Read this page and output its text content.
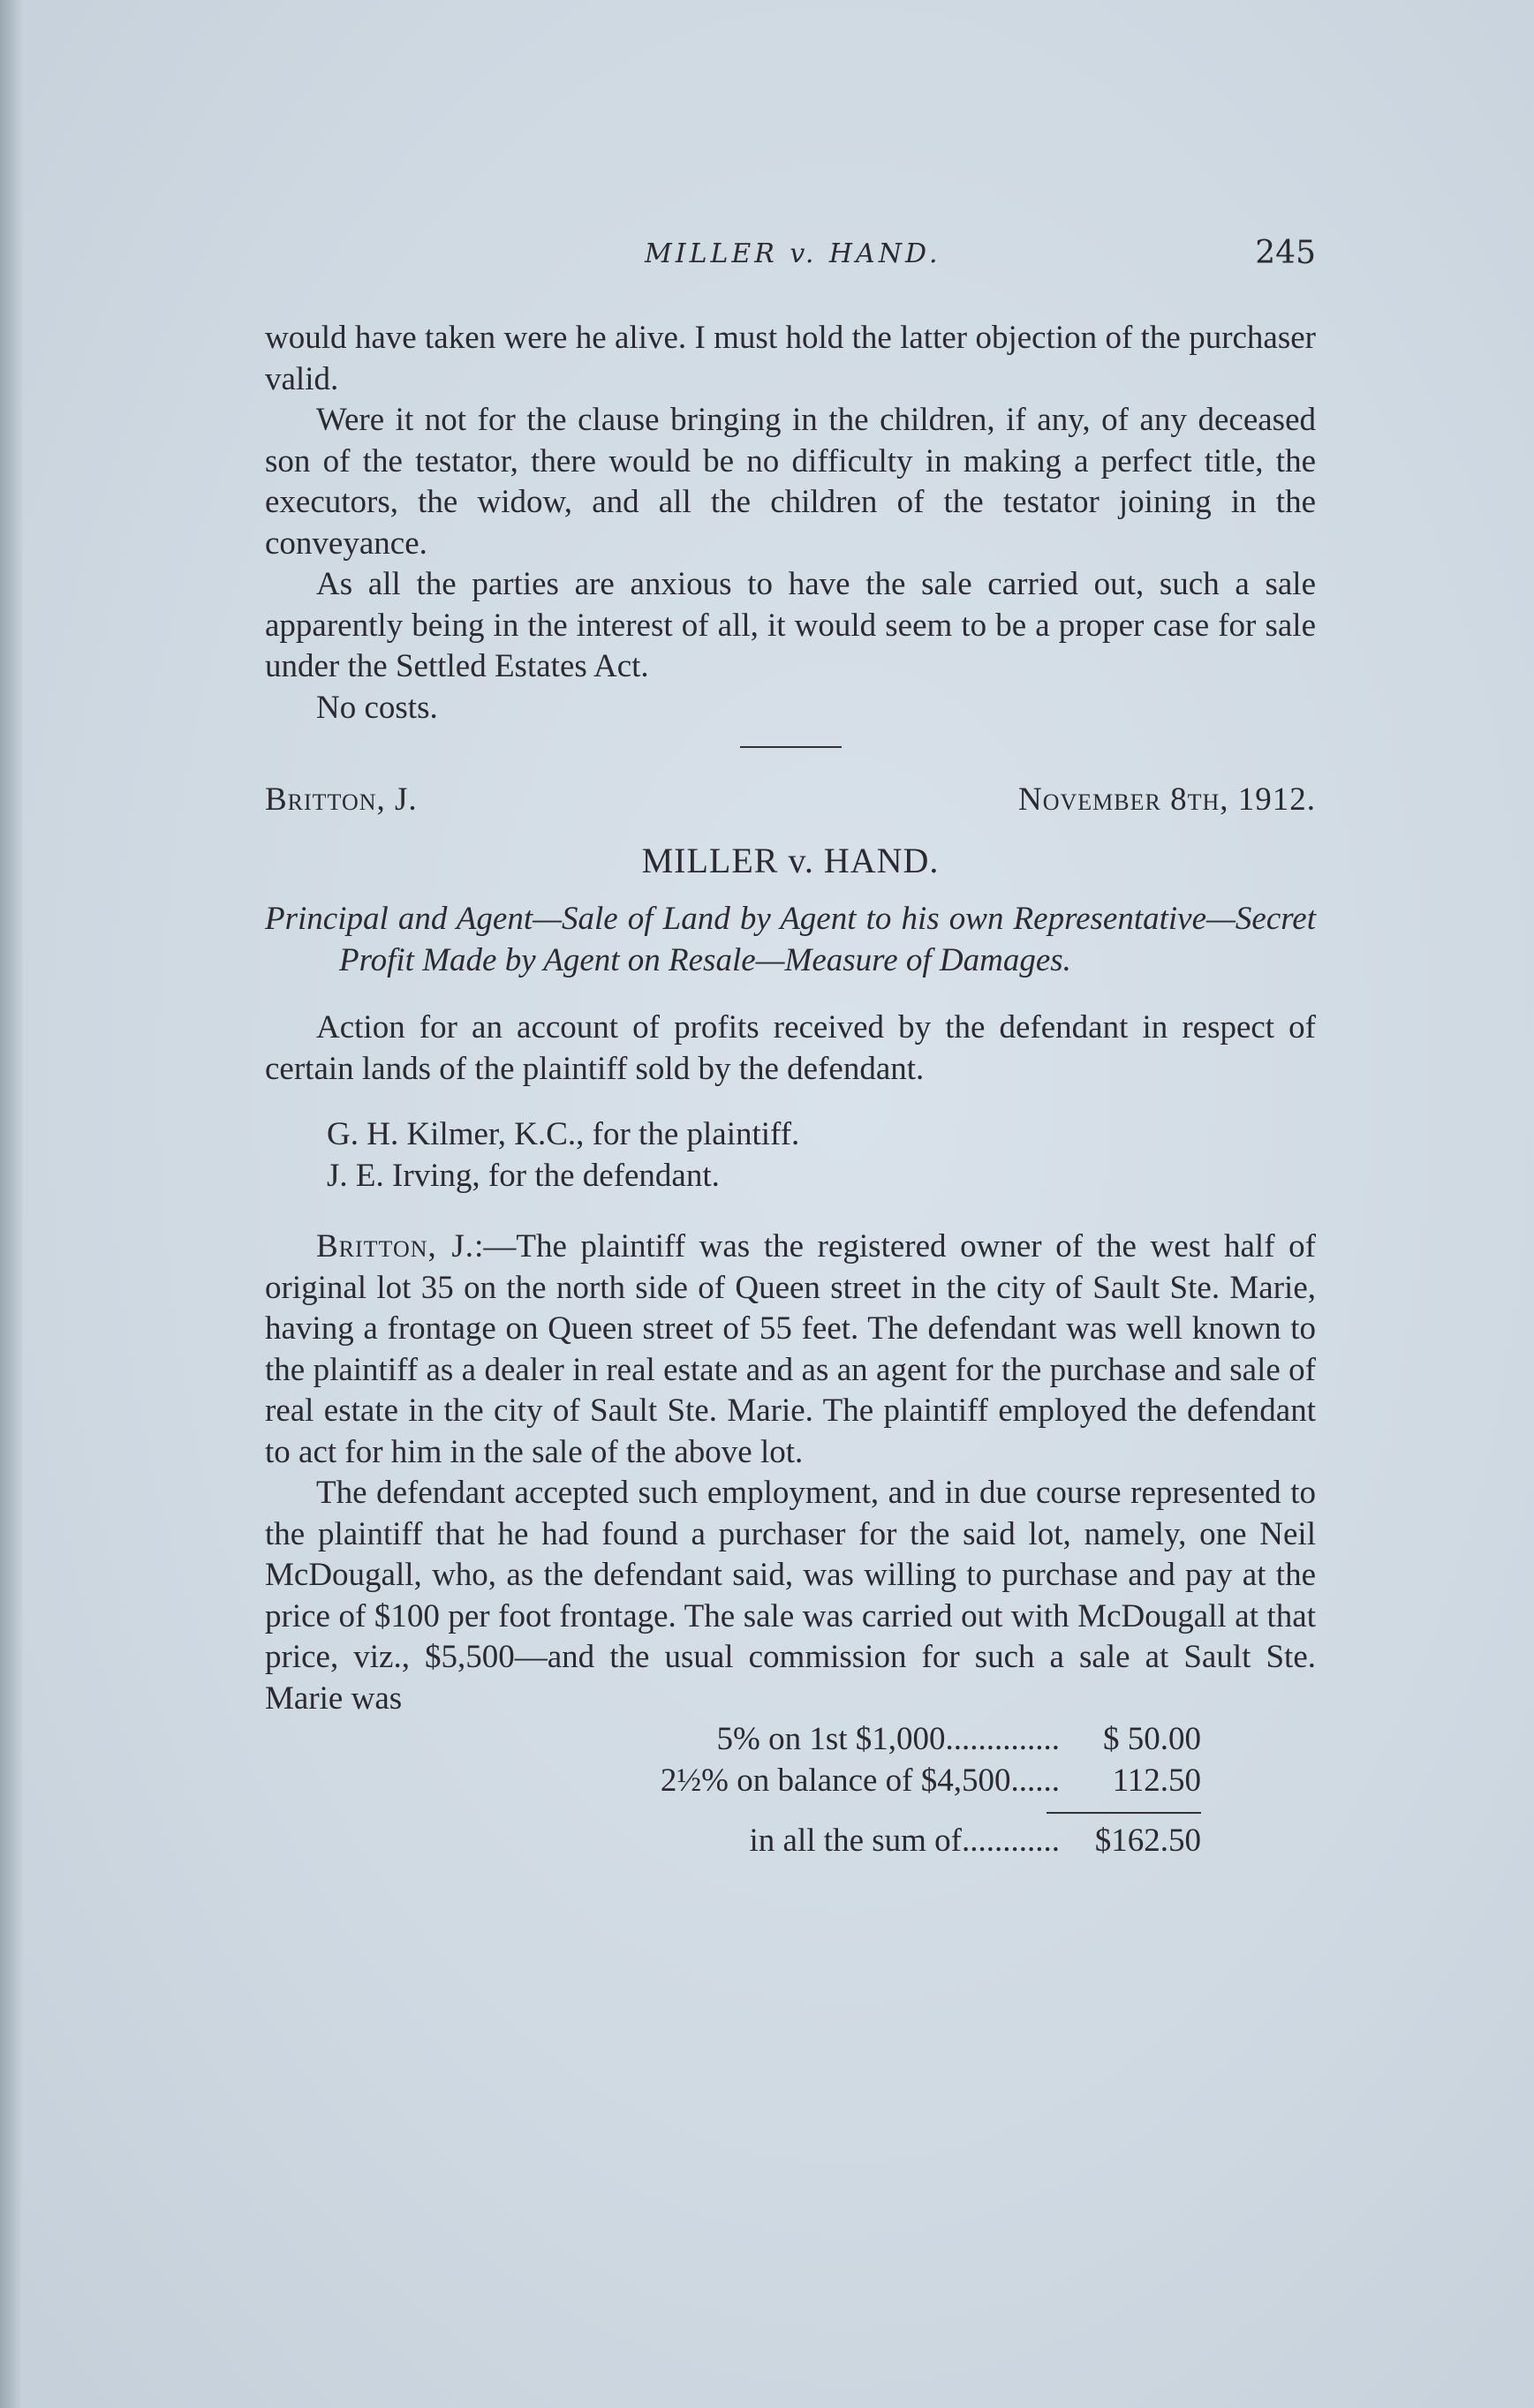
MILLER v. HAND.	245

would have taken were he alive. I must hold the latter objection of the purchaser valid.

Were it not for the clause bringing in the children, if any, of any deceased son of the testator, there would be no difficulty in making a perfect title, the executors, the widow, and all the children of the testator joining in the conveyance.

As all the parties are anxious to have the sale carried out, such a sale apparently being in the interest of all, it would seem to be a proper case for sale under the Settled Estates Act.

No costs.

Britton, J.	November 8th, 1912.
MILLER v. HAND.

Principal and Agent—Sale of Land by Agent to his own Representative—Secret Profit Made by Agent on Resale—Measure of Damages.

Action for an account of profits received by the defendant in respect of certain lands of the plaintiff sold by the defendant.

G. H. Kilmer, K.C., for the plaintiff.
J. E. Irving, for the defendant.

Britton, J.:—The plaintiff was the registered owner of the west half of original lot 35 on the north side of Queen street in the city of Sault Ste. Marie, having a frontage on Queen street of 55 feet. The defendant was well known to the plaintiff as a dealer in real estate and as an agent for the purchase and sale of real estate in the city of Sault Ste. Marie. The plaintiff employed the defendant to act for him in the sale of the above lot.

The defendant accepted such employment, and in due course represented to the plaintiff that he had found a purchaser for the said lot, namely, one Neil McDougall, who, as the defendant said, was willing to purchase and pay at the price of $100 per foot frontage. The sale was carried out with McDougall at that price, viz., $5,500—and the usual commission for such a sale at Sault Ste. Marie was

5% on 1st $1,000..............	$ 50.00
2½% on balance of $4,500......	112.50
in all the sum of............	$162.50
